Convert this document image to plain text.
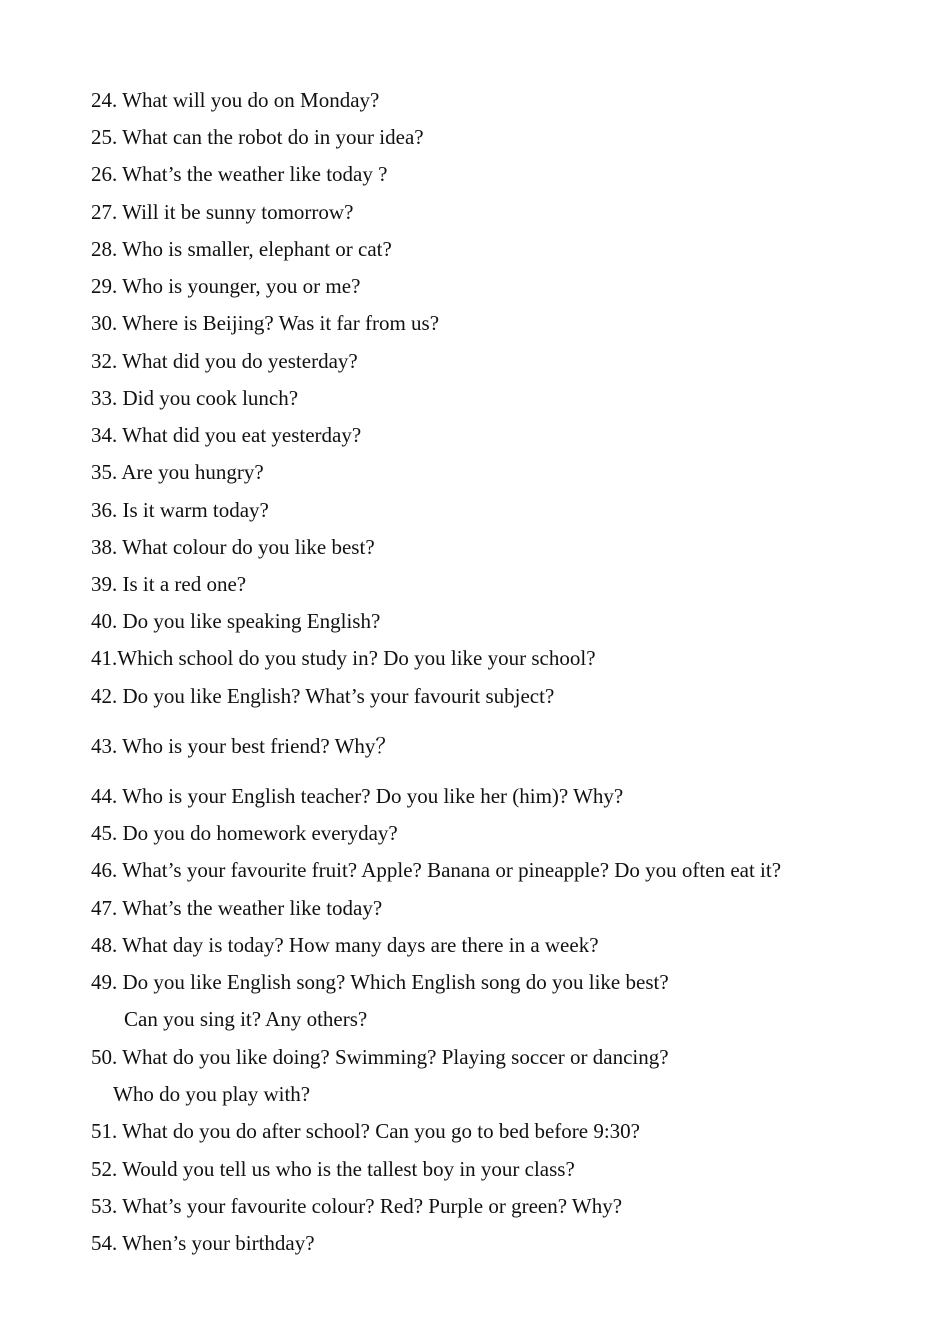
24. What will you do on Monday?
25. What can the robot do in your idea?
26. What’s the weather like today ?
27. Will it be sunny tomorrow?
28. Who is smaller, elephant or cat?
29. Who is younger, you or me?
30. Where is Beijing? Was it far from us?
32. What did you do yesterday?
33. Did you cook lunch?
34. What did you eat yesterday?
35. Are you hungry?
36. Is it warm today?
38. What colour do you like best?
39. Is it a red one?
40. Do you like speaking English?
41.Which school do you study in? Do you like your school?
42. Do you like English? What’s your favourit subject?
43. Who is your best friend? Why？
44. Who is your English teacher? Do you like her (him)? Why?
45. Do you do homework everyday?
46. What’s your favourite fruit? Apple? Banana or pineapple? Do you often eat it?
47. What’s the weather like today?
48. What day is today? How many days are there in a week?
49. Do you like English song? Which English song do you like best?
Can you sing it? Any others?
50. What do you like doing? Swimming? Playing soccer or dancing?
Who do you play with?
51. What do you do after school? Can you go to bed before 9:30?
52. Would you tell us who is the tallest boy in your class?
53. What’s your favourite colour? Red? Purple or green? Why?
54. When’s your birthday?
